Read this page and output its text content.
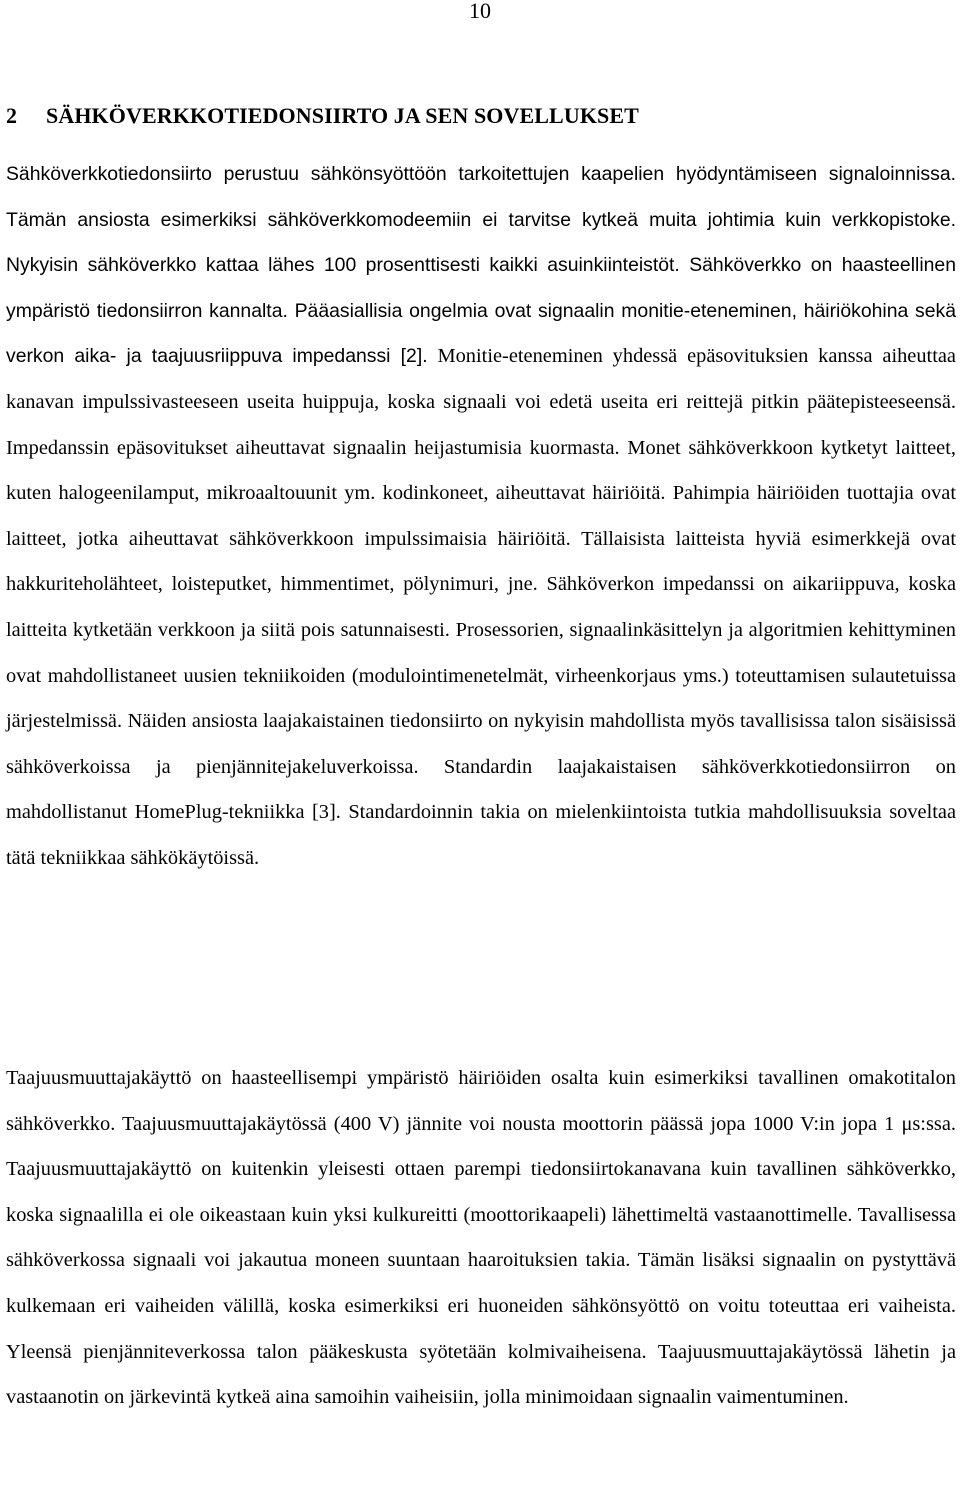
10
2 SÄHKÖVERKKOTIEDONSIIRTO JA SEN SOVELLUKSET

Sähköverkkotiedonsiirto perustuu sähkönsyöttöön tarkoitettujen kaapelien hyödyntämiseen signaloinnissa. Tämän ansiosta esimerkiksi sähköverkkomodeemiin ei tarvitse kytkeä muita johtimia kuin verkkopistoke. Nykyisin sähköverkko kattaa lähes 100 prosenttisesti kaikki asuinkiinteistöt. Sähköverkko on haasteellinen ympäristö tiedonsiirron kannalta. Pääasiallisia ongelmia ovat signaalin monitie-eteneminen, häiriökohina sekä verkon aika- ja taajuusriippuva impedanssi [2]. Monitie-eteneminen yhdessä epäsovituksien kanssa aiheuttaa kanavan impulssivasteeseen useita huippuja, koska signaali voi edetä useita eri reittejä pitkin päätepisteeseensä. Impedanssin epäsovitukset aiheuttavat signaalin heijastumisia kuormasta. Monet sähköverkkoon kytketyt laitteet, kuten halogeenilamput, mikroaaltouunit ym. kodinkoneet, aiheuttavat häiriöitä. Pahimpia häiriöiden tuottajia ovat laitteet, jotka aiheuttavat sähköverkkoon impulssimaisia häiriöitä. Tällaisista laitteista hyviä esimerkkejä ovat hakkuriteholähteet, loisteputket, himmentimet, pölynimuri, jne. Sähköverkon impedanssi on aikariippuva, koska laitteita kytketään verkkoon ja siitä pois satunnaisesti. Prosessorien, signaalinkäsittelyn ja algoritmien kehittyminen ovat mahdollistaneet uusien tekniikoiden (modulointimenetelmät, virheenkorjaus yms.) toteuttamisen sulautetuissa järjestelmissä. Näiden ansiosta laajakaistainen tiedonsiirto on nykyisin mahdollista myös tavallisissa talon sisäisissä sähköverkoissa ja pienjännitejakeluverkoissa. Standardin laajakaistaisen sähköverkkotiedonsiirron on mahdollistanut HomePlug-tekniikka [3]. Standardoinnin takia on mielenkiintoista tutkia mahdollisuuksia soveltaa tätä tekniikkaa sähkökäytöissä.

Taajuusmuuttajakäyttö on haasteellisempi ympäristö häiriöiden osalta kuin esimerkiksi tavallinen omakotitalon sähköverkko. Taajuusmuuttajakäytössä (400 V) jännite voi nousta moottorin päässä jopa 1000 V:in jopa 1 μs:ssa. Taajuusmuuttajakäyttö on kuitenkin yleisesti ottaen parempi tiedonsiirtokanavana kuin tavallinen sähköverkko, koska signaalilla ei ole oikeastaan kuin yksi kulkureitti (moottorikaapeli) lähettimeltä vastaanottimelle. Tavallisessa sähköverkossa signaali voi jakautua moneen suuntaan haaroituksien takia. Tämän lisäksi signaalin on pystyttävä kulkemaan eri vaiheiden välillä, koska esimerkiksi eri huoneiden sähkönsyöttö on voitu toteuttaa eri vaiheista. Yleensä pienjänniteverkossa talon pääkeskusta syötetään kolmivaiheisena. Taajuusmuuttajakäytössä lähetin ja vastaanotin on järkevintä kytkeä aina samoihin vaiheisiin, jolla minimoidaan signaalin vaimentuminen.
